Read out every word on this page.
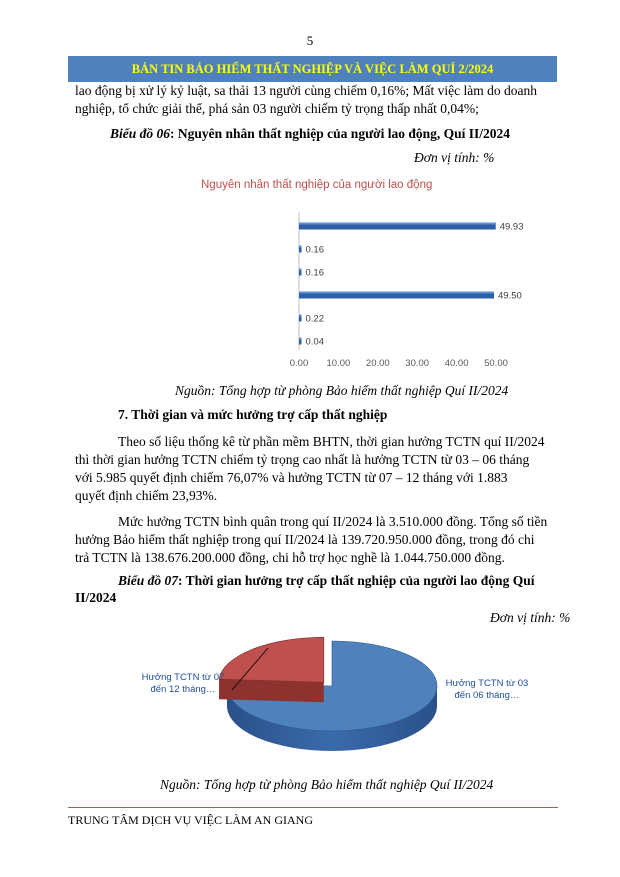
5
BẢN TIN BẢO HIỂM THẤT NGHIỆP VÀ VIỆC LÀM QUÍ 2/2024
lao động bị xử lý kỷ luật, sa thải 13 người cùng chiếm 0,16%; Mất việc làm do doanh
nghiệp, tổ chức giải thể, phá sản 03 người chiếm tỷ trọng thấp nhất 0,04%;
Biểu đồ 06: Nguyên nhân thất nghiệp của người lao động, Quí II/2024
Đơn vị tính: %
Nguyên nhân thất nghiệp của người lao động
49.93
0.16
0.16
49.50
0.22
0.04
0.00 10.00 20.00 30.00 40.00 50.00
Nguồn: Tổng hợp từ phòng Bảo hiểm thất nghiệp Quí II/2024
7. Thời gian và mức hưởng trợ cấp thất nghiệp
Theo số liệu thống kê từ phần mềm BHTN, thời gian hưởng TCTN quí II/2024
thì thời gian hưởng TCTN chiếm tỷ trọng cao nhất là hưởng TCTN từ 03 – 06 tháng
với 5.985 quyết định chiếm 76,07% và hưởng TCTN từ 07 – 12 tháng với 1.883
quyết định chiếm 23,93%.
Mức hưởng TCTN bình quân trong quí II/2024 là 3.510.000 đồng. Tổng số tiền
hưởng Bảo hiểm thất nghiệp trong quí II/2024 là 139.720.950.000 đồng, trong đó chi
trả TCTN là 138.676.200.000 đồng, chi hỗ trợ học nghề là 1.044.750.000 đồng.
Biểu đồ 07: Thời gian hưởng trợ cấp thất nghiệp của người lao động Quí
II/2024
Đơn vị tính: %
Hưởng TCTN từ 07
đến 12 tháng…
Hưởng TCTN từ 03
đến 06 tháng…
Nguồn: Tổng hợp từ phòng Bảo hiểm thất nghiệp Quí II/2024
TRUNG TÂM DỊCH VỤ VIỆC LÀM AN GIANG
